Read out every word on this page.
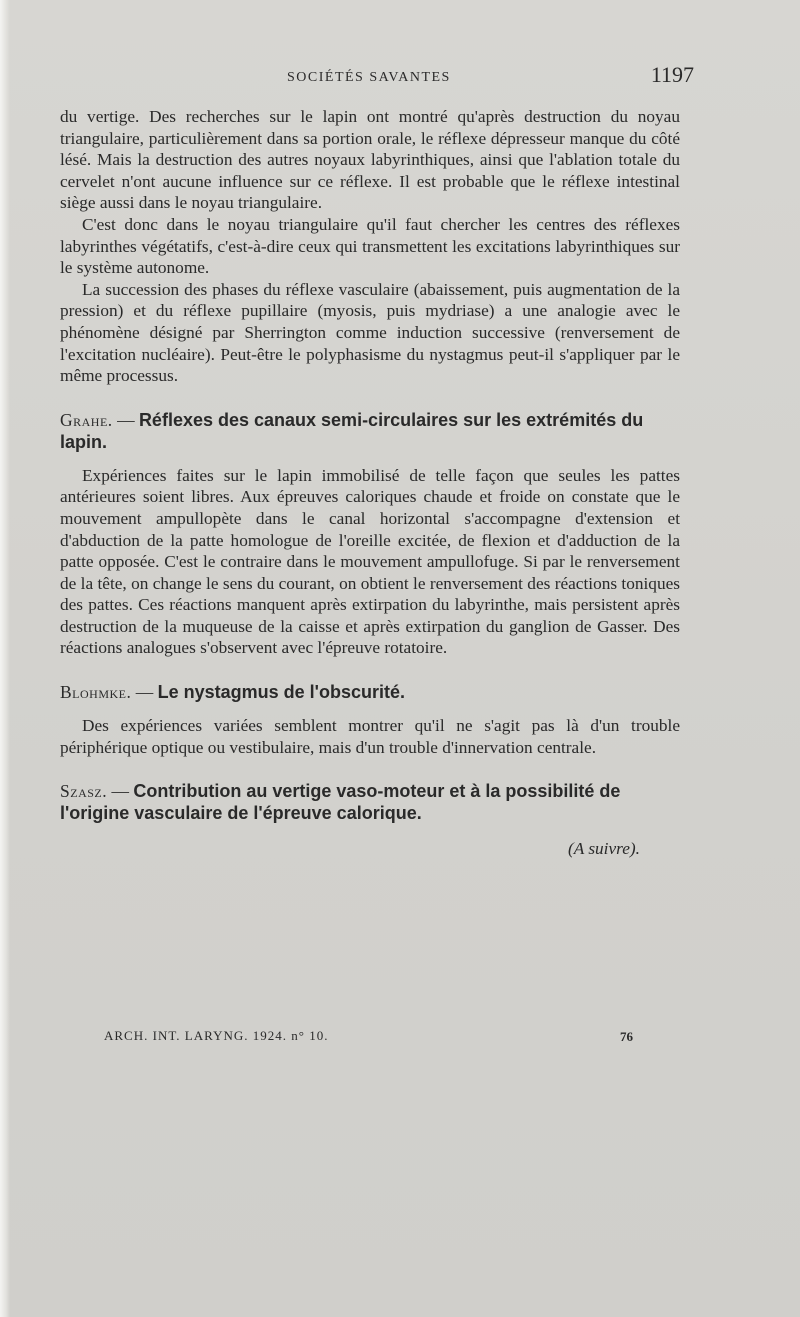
SOCIÉTÉS SAVANTES	1197

du vertige. Des recherches sur le lapin ont montré qu'après destruction du noyau triangulaire, particulièrement dans sa portion orale, le réflexe dépresseur manque du côté lésé. Mais la destruction des autres noyaux labyrinthiques, ainsi que l'ablation totale du cervelet n'ont aucune influence sur ce réflexe. Il est probable que le réflexe intestinal siège aussi dans le noyau triangulaire.

C'est donc dans le noyau triangulaire qu'il faut chercher les centres des réflexes labyrinthes végétatifs, c'est-à-dire ceux qui transmettent les excitations labyrinthiques sur le système autonome.

La succession des phases du réflexe vasculaire (abaissement, puis augmentation de la pression) et du réflexe pupillaire (myosis, puis mydriase) a une analogie avec le phénomène désigné par Sherrington comme induction successive (renversement de l'excitation nucléaire). Peut-être le polyphasisme du nystagmus peut-il s'appliquer par le même processus.

Grahe. — Réflexes des canaux semi-circulaires sur les extrémités du lapin.

Expériences faites sur le lapin immobilisé de telle façon que seules les pattes antérieures soient libres. Aux épreuves caloriques chaude et froide on constate que le mouvement ampullopète dans le canal horizontal s'accompagne d'extension et d'abduction de la patte homologue de l'oreille excitée, de flexion et d'adduction de la patte opposée. C'est le contraire dans le mouvement ampullofuge. Si par le renversement de la tête, on change le sens du courant, on obtient le renversement des réactions toniques des pattes. Ces réactions manquent après extirpation du labyrinthe, mais persistent après destruction de la muqueuse de la caisse et après extirpation du ganglion de Gasser. Des réactions analogues s'observent avec l'épreuve rotatoire.

Blohmke. — Le nystagmus de l'obscurité.

Des expériences variées semblent montrer qu'il ne s'agit pas là d'un trouble périphérique optique ou vestibulaire, mais d'un trouble d'innervation centrale.

Szasz. — Contribution au vertige vaso-moteur et à la possibilité de l'origine vasculaire de l'épreuve calorique.

(A suivre).

ARCH. INT. LARYNG. 1924. n° 10.	76
